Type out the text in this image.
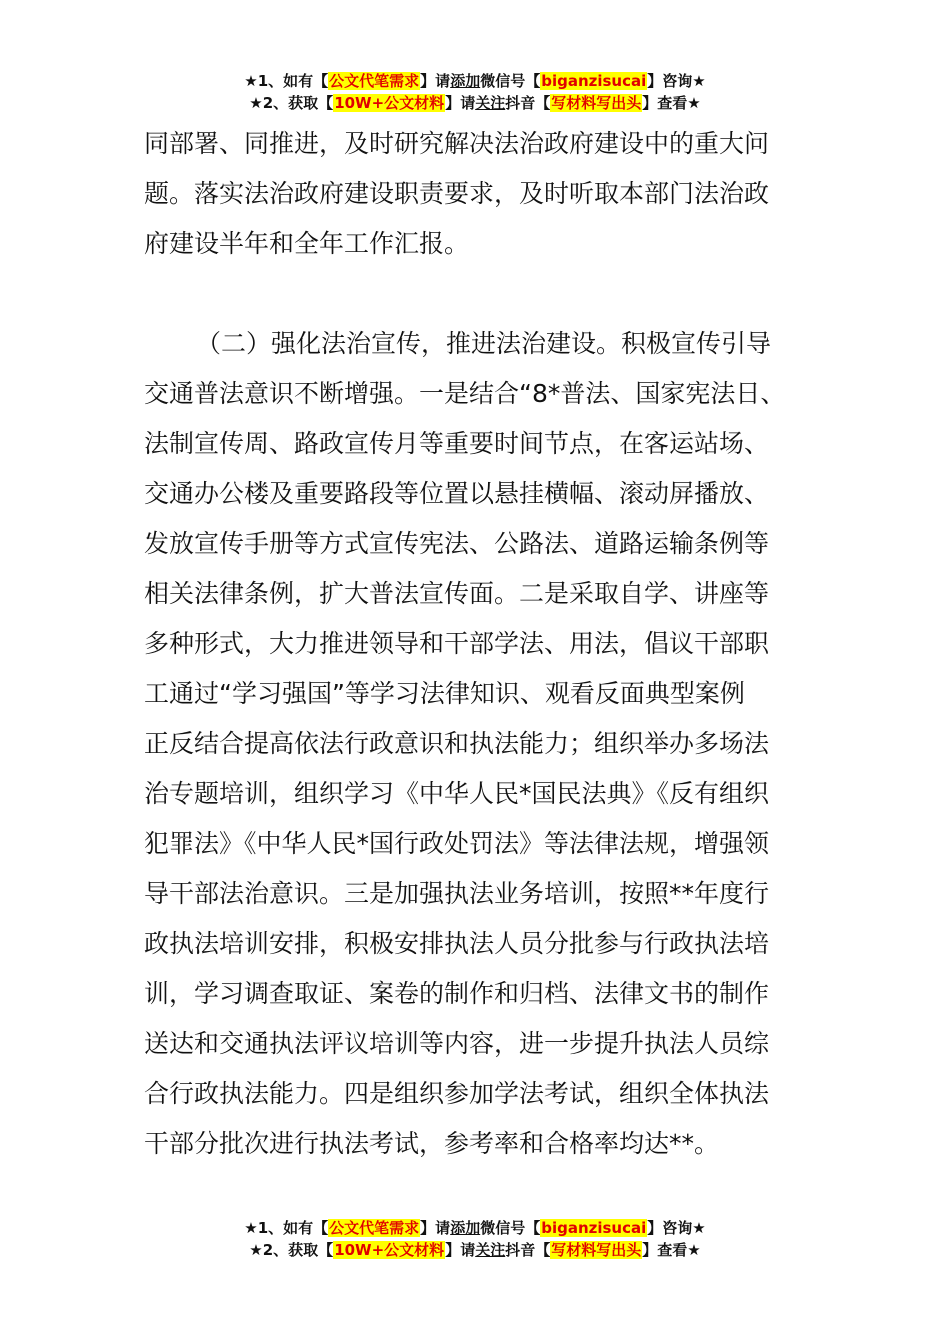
★1、如有【公文代笔需求】请添加微信号【biganzisucai】咨询★
★2、获取【10W+公文材料】请关注抖音【写材料写出头】查看★
同部署、同推进，及时研究解决法治政府建设中的重大问
题。落实法治政府建设职责要求，及时听取本部门法治政
府建设半年和全年工作汇报。
（二）强化法治宣传，推进法治建设。积极宣传引导
交通普法意识不断增强。一是结合“8*普法、国家宪法日、
法制宣传周、路政宣传月等重要时间节点，在客运站场、
交通办公楼及重要路段等位置以悬挂横幅、滚动屏播放、
发放宣传手册等方式宣传宪法、公路法、道路运输条例等
相关法律条例，扩大普法宣传面。二是采取自学、讲座等
多种形式，大力推进领导和干部学法、用法，倡议干部职
工通过“学习强国”等学习法律知识、观看反面典型案例
正反结合提高依法行政意识和执法能力；组织举办多场法
治专题培训，组织学习《中华人民*国民法典》《反有组织
犯罪法》《中华人民*国行政处罚法》等法律法规，增强领
导干部法治意识。三是加强执法业务培训，按照**年度行
政执法培训安排，积极安排执法人员分批参与行政执法培
训，学习调查取证、案卷的制作和归档、法律文书的制作
送达和交通执法评议培训等内容，进一步提升执法人员综
合行政执法能力。四是组织参加学法考试，组织全体执法
干部分批次进行执法考试，参考率和合格率均达**。
★1、如有【公文代笔需求】请添加微信号【biganzisucai】咨询★
★2、获取【10W+公文材料】请关注抖音【写材料写出头】查看★
